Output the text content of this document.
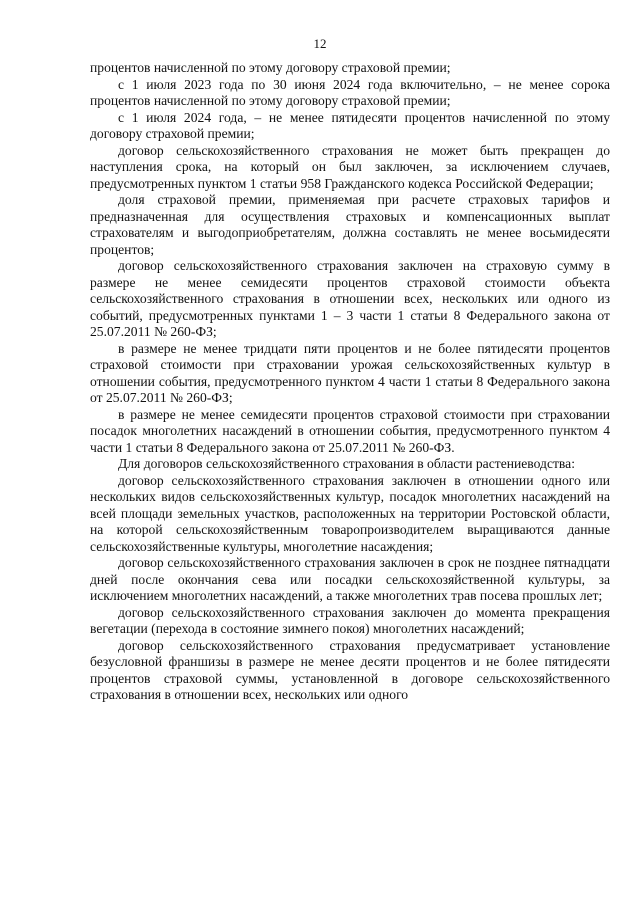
12

процентов начисленной по этому договору страховой премии;

с 1 июля 2023 года по 30 июня 2024 года включительно, – не менее сорока процентов начисленной по этому договору страховой премии;

с 1 июля 2024 года, – не менее пятидесяти процентов начисленной по этому договору страховой премии;

договор сельскохозяйственного страхования не может быть прекращен до наступления срока, на который он был заключен, за исключением случаев, предусмотренных пунктом 1 статьи 958 Гражданского кодекса Российской Федерации;

доля страховой премии, применяемая при расчете страховых тарифов и предназначенная для осуществления страховых и компенсационных выплат страхователям и выгодоприобретателям, должна составлять не менее восьмидесяти процентов;

договор сельскохозяйственного страхования заключен на страховую сумму в размере не менее семидесяти процентов страховой стоимости объекта сельскохозяйственного страхования в отношении всех, нескольких или одного из событий, предусмотренных пунктами 1 – 3 части 1 статьи 8 Федерального закона от 25.07.2011 № 260-ФЗ;

в размере не менее тридцати пяти процентов и не более пятидесяти процентов страховой стоимости при страховании урожая сельскохозяйственных культур в отношении события, предусмотренного пунктом 4 части 1 статьи 8 Федерального закона от 25.07.2011 № 260-ФЗ;

в размере не менее семидесяти процентов страховой стоимости при страховании посадок многолетних насаждений в отношении события, предусмотренного пунктом 4 части 1 статьи 8 Федерального закона от 25.07.2011 № 260-ФЗ.

Для договоров сельскохозяйственного страхования в области растениеводства:

договор сельскохозяйственного страхования заключен в отношении одного или нескольких видов сельскохозяйственных культур, посадок многолетних насаждений на всей площади земельных участков, расположенных на территории Ростовской области, на которой сельскохозяйственным товаропроизводителем выращиваются данные сельскохозяйственные культуры, многолетние насаждения;

договор сельскохозяйственного страхования заключен в срок не позднее пятнадцати дней после окончания сева или посадки сельскохозяйственной культуры, за исключением многолетних насаждений, а также многолетних трав посева прошлых лет;

договор сельскохозяйственного страхования заключен до момента прекращения вегетации (перехода в состояние зимнего покоя) многолетних насаждений;

договор сельскохозяйственного страхования предусматривает установление безусловной франшизы в размере не менее десяти процентов и не более пятидесяти процентов страховой суммы, установленной в договоре сельскохозяйственного страхования в отношении всех, нескольких или одного
